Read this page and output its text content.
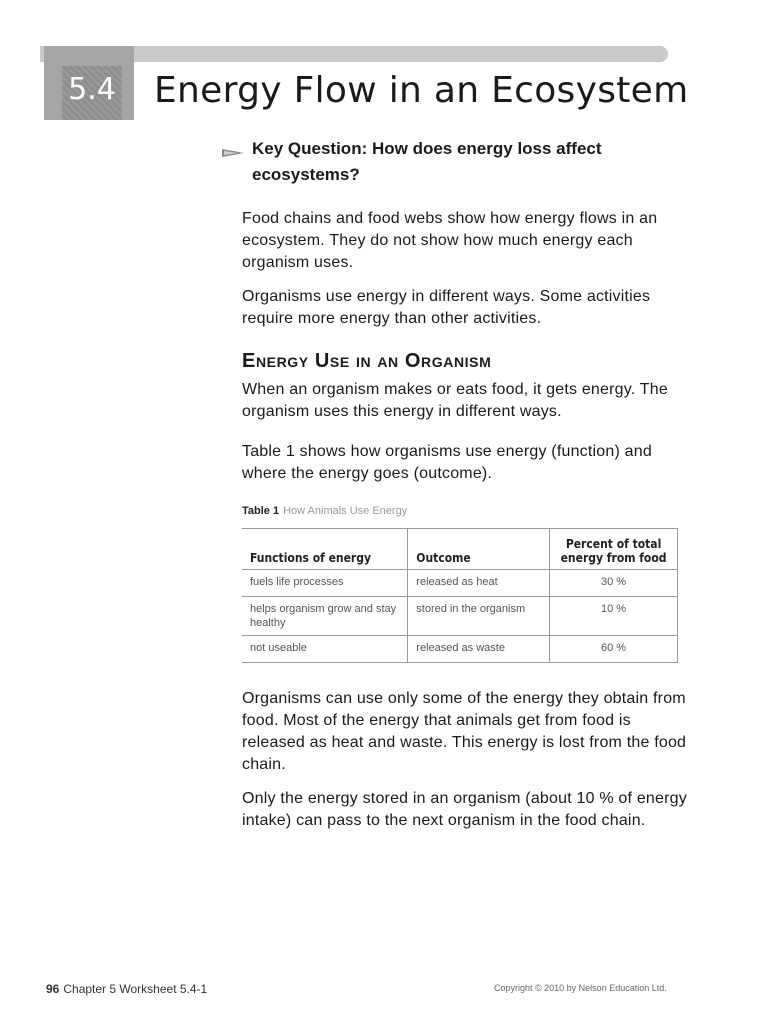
5.4 Energy Flow in an Ecosystem

Key Question: How does energy loss affect ecosystems?

Food chains and food webs show how energy flows in an ecosystem. They do not show how much energy each organism uses.

Organisms use energy in different ways. Some activities require more energy than other activities.

Energy Use in an Organism

When an organism makes or eats food, it gets energy. The organism uses this energy in different ways.

Table 1 shows how organisms use energy (function) and where the energy goes (outcome).

Table 1 How Animals Use Energy
Functions of energy	Outcome	Percent of total energy from food
fuels life processes	released as heat	30 %
helps organism grow and stay healthy	stored in the organism	10 %
not useable	released as waste	60 %

Organisms can use only some of the energy they obtain from food. Most of the energy that animals get from food is released as heat and waste. This energy is lost from the food chain.

Only the energy stored in an organism (about 10 % of energy intake) can pass to the next organism in the food chain.

96 Chapter 5 Worksheet 5.4-1	Copyright © 2010 by Nelson Education Ltd.
